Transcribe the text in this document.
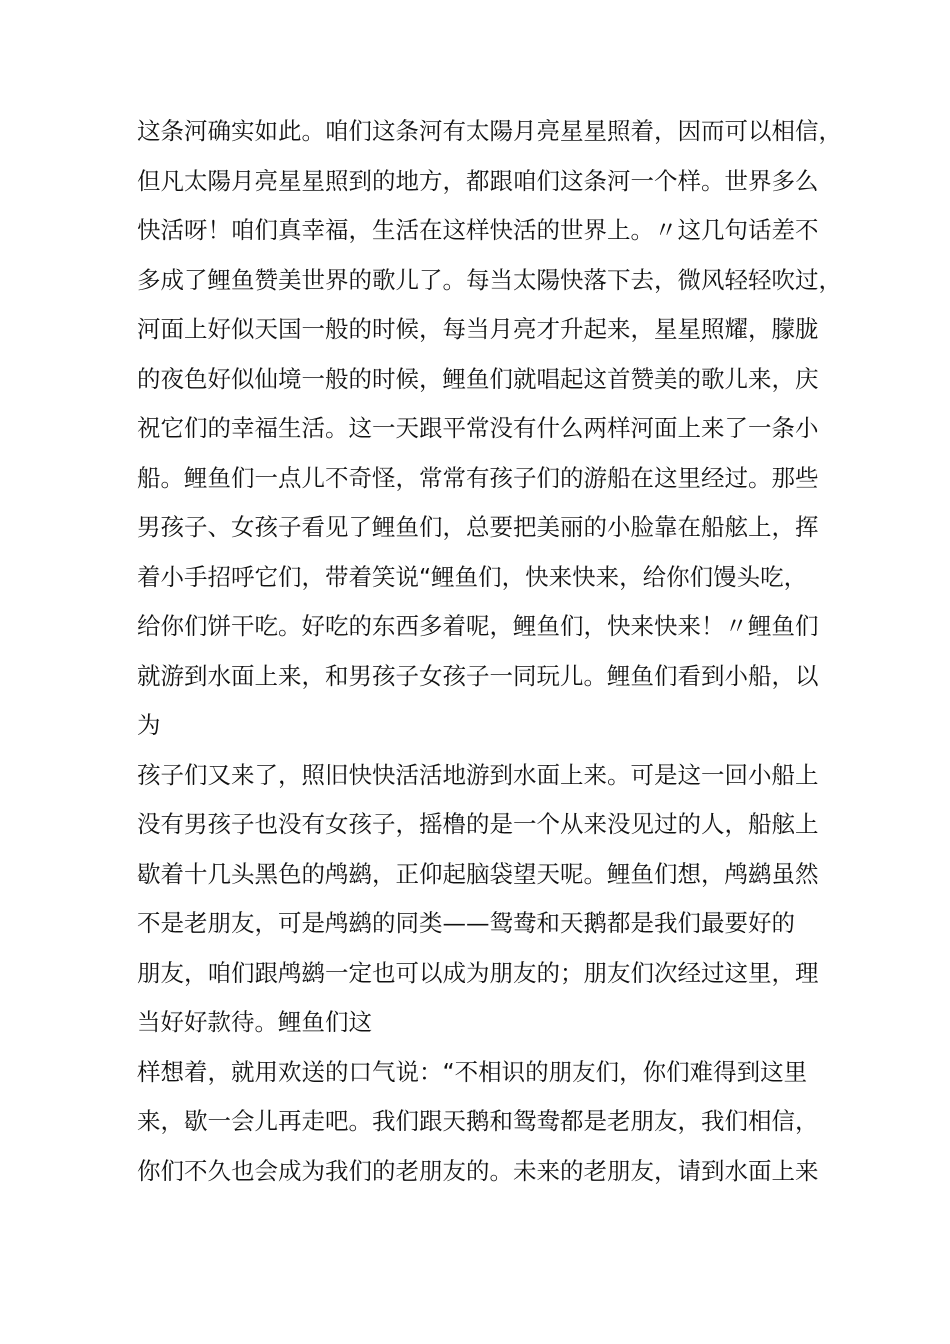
这条河确实如此。咱们这条河有太陽月亮星星照着，因而可以相信，
但凡太陽月亮星星照到的地方，都跟咱们这条河一个样。世界多么
快活呀！咱们真幸福，生活在这样快活的世界上。〃这几句话差不
多成了鲤鱼赞美世界的歌儿了。每当太陽快落下去，微风轻轻吹过，
河面上好似天国一般的时候，每当月亮才升起来，星星照耀，朦胧
的夜色好似仙境一般的时候，鲤鱼们就唱起这首赞美的歌儿来，庆
祝它们的幸福生活。这一天跟平常没有什么两样河面上来了一条小
船。鲤鱼们一点儿不奇怪，常常有孩子们的游船在这里经过。那些
男孩子、女孩子看见了鲤鱼们，总要把美丽的小脸靠在船舷上，挥
着小手招呼它们，带着笑说“鲤鱼们，快来快来，给你们馒头吃，
给你们饼干吃。好吃的东西多着呢，鲤鱼们，快来快来！〃鲤鱼们
就游到水面上来，和男孩子女孩子一同玩儿。鲤鱼们看到小船，以
为
孩子们又来了，照旧快快活活地游到水面上来。可是这一回小船上
没有男孩子也没有女孩子，摇橹的是一个从来没见过的人，船舷上
歇着十几头黑色的鸬鹚，正仰起脑袋望天呢。鲤鱼们想，鸬鹚虽然
不是老朋友，可是鸬鹚的同类——鸳鸯和天鹅都是我们最要好的
朋友，咱们跟鸬鹚一定也可以成为朋友的；朋友们次经过这里，理
当好好款待。鲤鱼们这
样想着，就用欢送的口气说：“不相识的朋友们，你们难得到这里
来，歇一会儿再走吧。我们跟天鹅和鸳鸯都是老朋友，我们相信，
你们不久也会成为我们的老朋友的。未来的老朋友，请到水面上来
